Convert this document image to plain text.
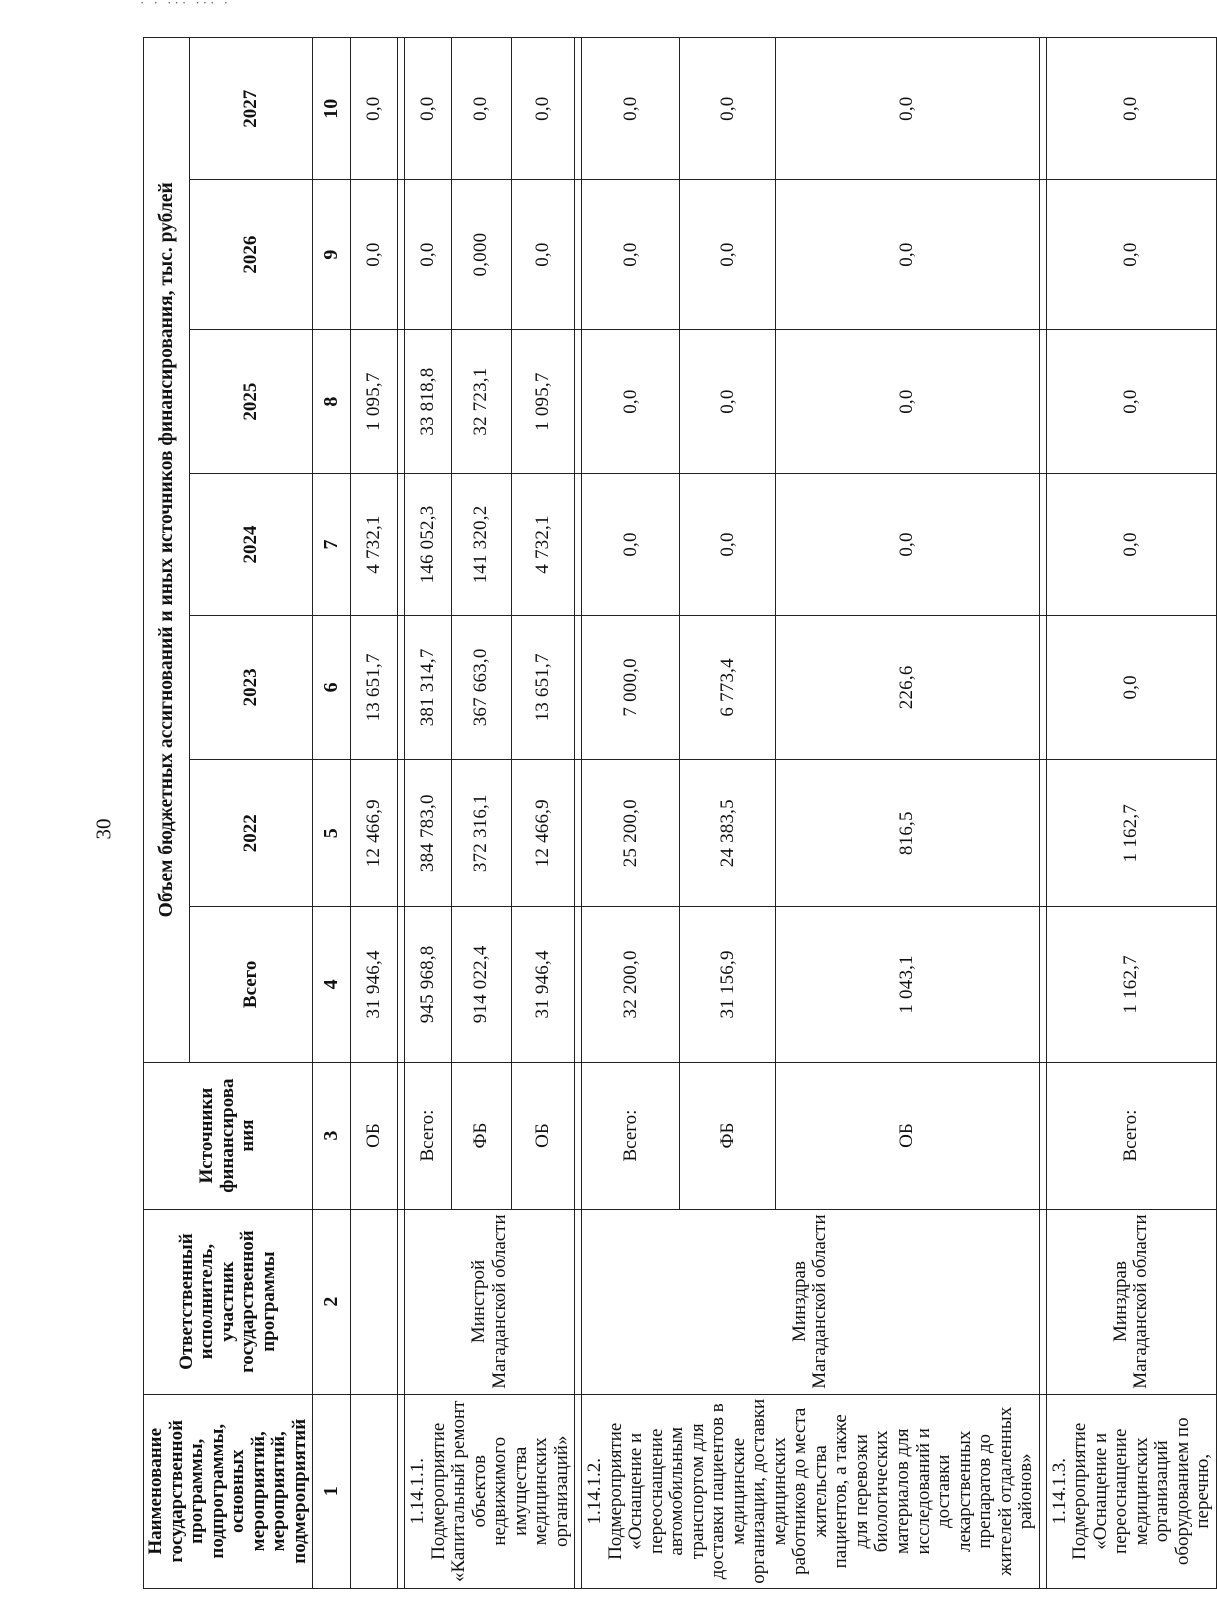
· · ··· ··· ·
30
Наименование государственной программы, подпрограммы, основных мероприятий, мероприятий, подмероприятий	Ответственный исполнитель, участник государственной программы	Источники финансирова ния	Объем бюджетных ассигнований и иных источников финансирования, тыс. рублей						
			Всего	2022	2023	2024	2025	2026	2027
1	2	3	4	5	6	7	8	9	10
		ОБ	31 946,4	12 466,9	13 651,7	4 732,1	1 095,7	0,0	0,0

1.14.1.1. Подмероприятие «Капитальный ремонт объектов недвижимого имущества медицинских организаций»	Минстрой Магаданской области	Всего:	945 968,8	384 783,0	381 314,7	146 052,3	33 818,8	0,0	0,0
		ФБ	914 022,4	372 316,1	367 663,0	141 320,2	32 723,1	0,000	0,0
		ОБ	31 946,4	12 466,9	13 651,7	4 732,1	1 095,7	0,0	0,0

1.14.1.2. Подмероприятие «Оснащение и переоснащение автомобильным транспортом для доставки пациентов в медицинские организации, доставки медицинских работников до места жительства пациентов, а также для перевозки биологических материалов для исследований и доставки лекарственных препаратов до жителей отдаленных районов»	Минздрав Магаданской области	Всего:	32 200,0	25 200,0	7 000,0	0,0	0,0	0,0	0,0
		ФБ	31 156,9	24 383,5	6 773,4	0,0	0,0	0,0	0,0
		ОБ	1 043,1	816,5	226,6	0,0	0,0	0,0	0,0

1.14.1.3. Подмероприятие «Оснащение и переоснащение медицинских организаций оборудованием по перечню,	Минздрав Магаданской области	Всего:	1 162,7	1 162,7	0,0	0,0	0,0	0,0	0,0
